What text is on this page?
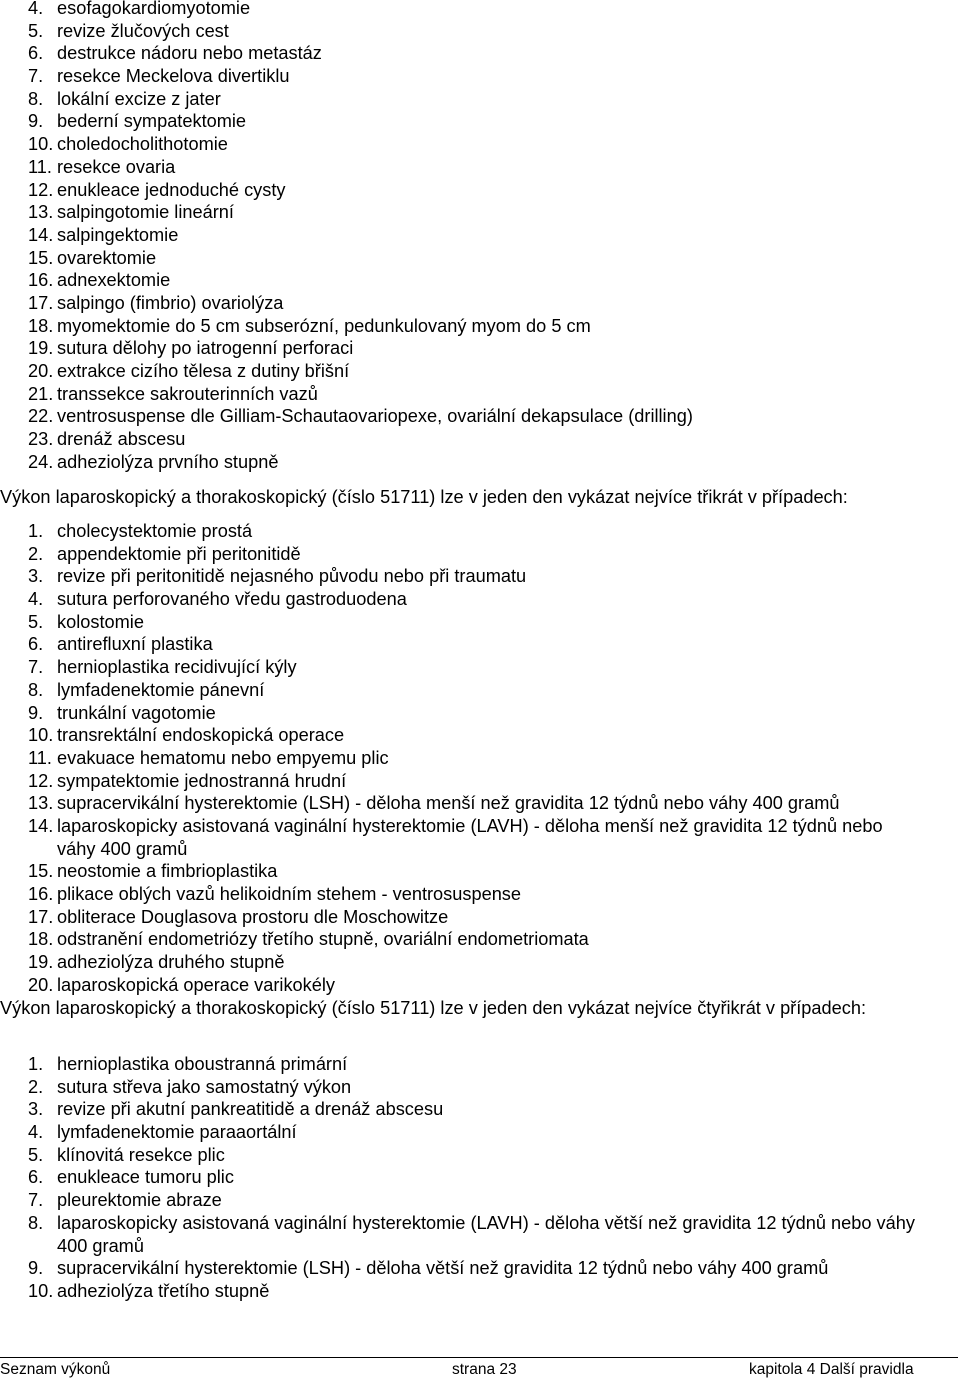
4. esofagokardiomyotomie
5. revize žlučových cest
6. destrukce nádoru nebo metastáz
7. resekce Meckelova divertiklu
8. lokální excize z jater
9. bederní sympatektomie
10. choledocholithotomie
11. resekce ovaria
12. enukleace jednoduché cysty
13. salpingotomie lineární
14. salpingektomie
15. ovarektomie
16. adnexektomie
17. salpingo (fimbrio) ovariolýza
18. myomektomie do 5 cm subserózní, pedunkulovaný myom do 5 cm
19. sutura dělohy po iatrogenní perforaci
20. extrakce cizího tělesa z dutiny břišní
21. transsekce sakrouterinních vazů
22. ventrosuspense dle Gilliam-Schautaovariopexe, ovariální dekapsulace (drilling)
23. drenáž abscesu
24. adheziolýza prvního stupně

Výkon laparoskopický a thorakoskopický (číslo 51711) lze v jeden den vykázat nejvíce třikrát v případech:

1. cholecystektomie prostá
2. appendektomie při peritonitidě
3. revize při peritonitidě nejasného původu nebo při traumatu
4. sutura perforovaného vředu gastroduodena
5. kolostomie
6. antirefluxní plastika
7. hernioplastika recidivující kýly
8. lymfadenektomie pánevní
9. trunkální vagotomie
10. transrektální endoskopická operace
11. evakuace hematomu nebo empyemu plic
12. sympatektomie jednostranná hrudní
13. supracervikální hysterektomie (LSH) - děloha menší než gravidita 12 týdnů nebo váhy 400 gramů
14. laparoskopicky asistovaná vaginální hysterektomie (LAVH) - děloha menší než gravidita 12 týdnů nebo váhy 400 gramů
15. neostomie a fimbrioplastika
16. plikace oblých vazů helikoidním stehem - ventrosuspense
17. obliterace Douglasova prostoru dle Moschowitze
18. odstranění endometriózy třetího stupně, ovariální endometriomata
19. adheziolýza druhého stupně
20. laparoskopická operace varikokély

Výkon laparoskopický a thorakoskopický (číslo 51711) lze v jeden den vykázat nejvíce čtyřikrát v případech:

1. hernioplastika oboustranná primární
2. sutura střeva jako samostatný výkon
3. revize při akutní pankreatitidě a drenáž abscesu
4. lymfadenektomie paraaortální
5. klínovitá resekce plic
6. enukleace tumoru plic
7. pleurektomie abraze
8. laparoskopicky asistovaná vaginální hysterektomie (LAVH) - děloha větší než gravidita 12 týdnů nebo váhy 400 gramů
9. supracervikální hysterektomie (LSH) - děloha větší než gravidita 12 týdnů nebo váhy 400 gramů
10. adheziolýza třetího stupně
Seznam výkonů	strana 23	kapitola 4 Další pravidla
